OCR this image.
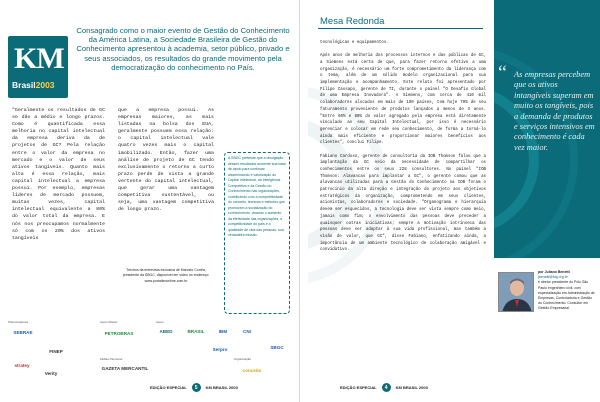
KM
Brasil2003
Consagrado como o maior evento de Gestão do Conhecimento da América Latina, a Sociedade Brasileira de Gestão do Conhecimento apresentou à academia, setor público, privado e seus associados, os resultados do grande movimento pela democratização do conhecimento no País.

"Geralmente os resultados de GC se dão a médio e longo prazos. Como é quantificada essa melhoria no capital intelectual da empresa deriva da de projetos de GC? Pela relação entre o valor da empresa no mercado e o valor de seus ativos tangíveis. Quanto mais alta é essa relação, mais capital intelectual a empresa possui. Por exemplo, empresas líderes de mercado possuem, muitas vezes, capital intelectual equivalente a 80% do valor total da empresa. E nós nos preocupamos normalmente só com os 20% dos ativos tangíveis

que a empresa possui. As empresas maiores, as mais listadas na bolsa dos EUA, geralmente possuem essa relação: o capital intelectual vale quatro vezes mais o capital imobilizado. Então, fazer uma análise de projeto de GC tendo exclusivamente o retorno a curto prazo perde de vista a grande vertente do capital intelectual, que gerar uma vantagem competitiva sustentável, ou seja, uma vantagem competitiva de longo prazo.

A SBGC pretende que a divulgação desses resultados aumente sua base de apoio para continuar disseminando e valorização do Capital Intelectual, da Inteligência Competitiva e da Gestão do Conhecimento nas organizações, contribuindo com a competitividade do conceito, técnicas e métodos que promovam a socialização do conhecimento, visando o aumento da efetividade das organizações, a competitividade do país e a qualidade de vida das pessoas, sua verdadeira missão.
Trechos da entrevista exclusiva de Marcelo Corrêa, presidente da SBGC, disponível em vídeo no endereço: www.portalkmonline.com.br
Patrocinadores	Apoio Master	Apoio
Mídias Parceiras	Organização
SEBRAE	PETROBRAS	ABED	BRASIL	IBM	CNI
GAZETA MERCANTIL
FINEP
stratey
Verity
Serpro	SBGC
conceito
EDIÇÃO ESPECIAL	5	KM BRASIL 2003
Mesa Redonda

tecnológicas e equipamentos.

Após anos de melhoria dos processos internos e das públicas de GC, a Siemens está certa de que, para fazer retorno efetivo a uma organização, é necessário um forte comprometimento da liderança com o tema, além de um sólido modelo organizacional para sua implementação e acompanhamento. Este relato foi apresentado por Filipe Cassapo, gerente de TI, durante o painel "O Desafio Global de uma Empresa Inovadora". A Siemens, com cerca de 410 mil colaboradores alocados em mais de 190 países, tem hoje 70% de seu faturamento proveniente de produtos lançados a menos de 3 anos. "Entre 60% e 80% do valor agregado pela empresa está diretamente vinculado ao seu Capital Intelectual, por isso é necessário gerenciar e colocar em rede seu conhecimento, de forma a torná-lo ainda mais eficiente e proporcionar maiores benefícios aos clientes", conclui Filipe.

Fabiano Cardoso, gerente de consultoria da IOB Thomson falou que a implantação da GC veio da necessidade de compartilhar os conhecimentos entre os seus 228 consultores. No painel "IOB Thomson: Alavancas para implantar a GC", o gerente comou que as alavancas utilizadas para a Gestão do Conhecimento na IOB foram o patrocínio da alta direção e integração do projeto aos objetivos estratégicos da organização, comprometendo em seus clientes, acionistas, colaboradores e sociedade. "Organograma e hierarquia devem ser esquecidos, a tecnologia deve ser vista sempre como meio, jamais como fim; o envolvimento das pessoas deve preceder a quaisquer outras iniciativas; sempre a motivação intrínseca das pessoas deve ser adaptar à sua vida profissional, mas também a visão de valor, que GC", disse Fabiano, enfatizando ainda, a importância de um ambiente tecnológico de colaboração amigável e convidativo.

“ As empresas percebem que os ativos intangíveis superam em muito os tangíveis, pois a demanda de produtos e serviços intensivos em conhecimento é cada vez maior.
por Juliano Benetti
jbenetti@fdg.org.br
é diretor presidente do Pólo São Paulo engenheiro civil, com especialização em Administração de Empresas, Controladoria e Gestão do Conhecimento. Consultor em Gestão Empresarial.
EDIÇÃO ESPECIAL	4	KM BRASIL 2003
